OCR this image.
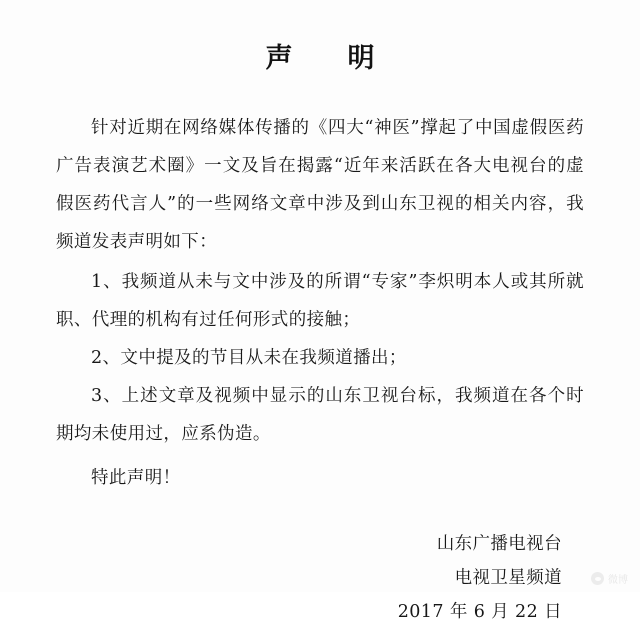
声　明

针对近期在网络媒体传播的《四大“神医”撑起了中国虚假医药广告表演艺术圈》一文及旨在揭露“近年来活跃在各大电视台的虚假医药代言人”的一些网络文章中涉及到山东卫视的相关内容，我频道发表声明如下：

1、我频道从未与文中涉及的所谓“专家”李炽明本人或其所就职、代理的机构有过任何形式的接触；

2、文中提及的节目从未在我频道播出；

3、上述文章及视频中显示的山东卫视台标，我频道在各个时期均未使用过，应系伪造。

特此声明！

山东广播电视台
电视卫星频道
2017 年 6 月 22 日
微博
